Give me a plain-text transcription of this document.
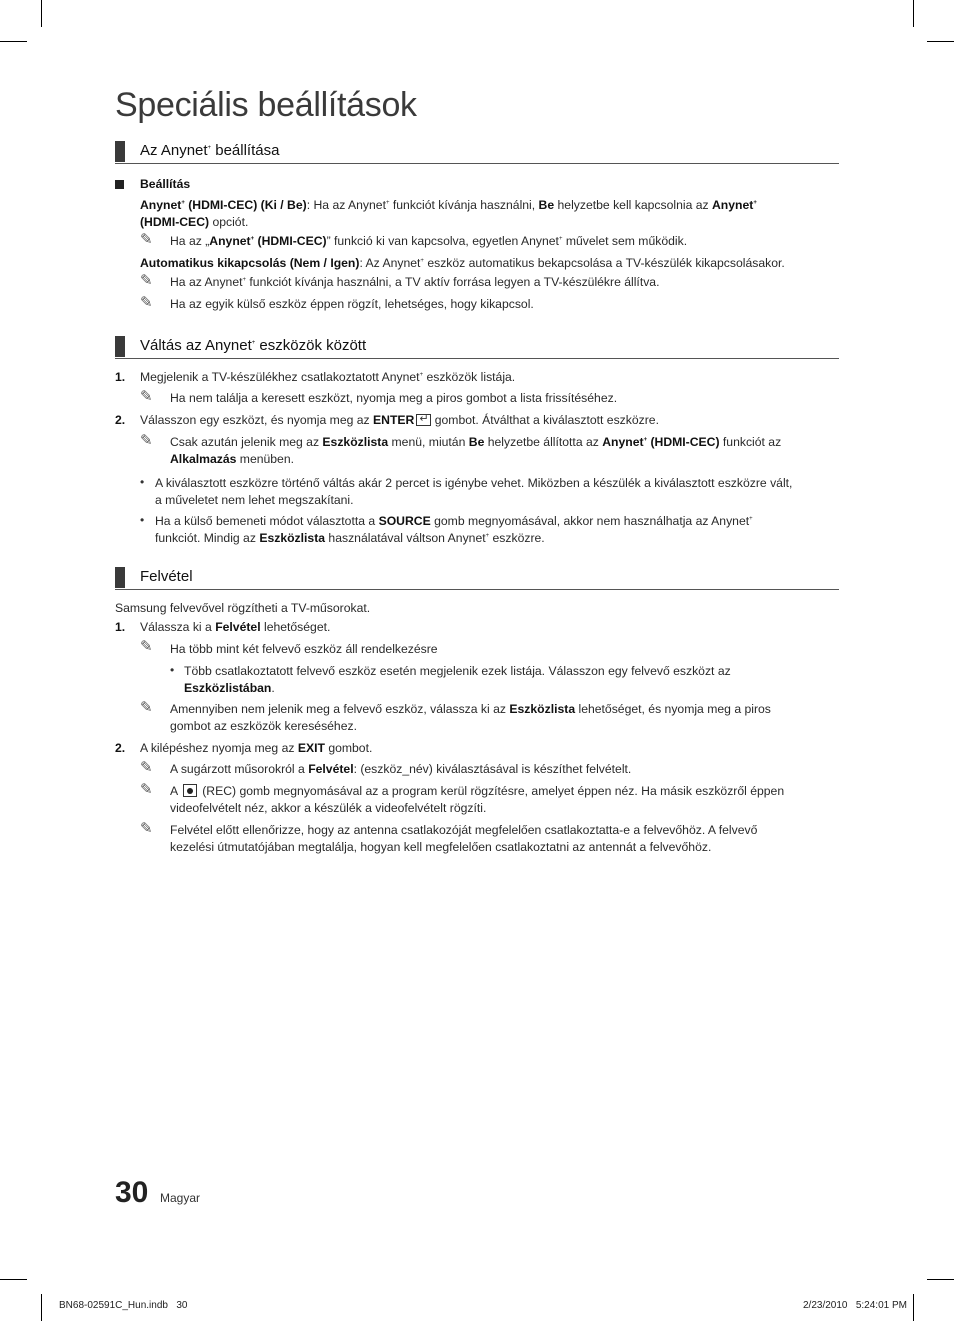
Speciális beállítások
Az Anynet+ beállítása
Beállítás
Anynet+ (HDMI-CEC) (Ki / Be): Ha az Anynet+ funkciót kívánja használni, Be helyzetbe kell kapcsolnia az Anynet+
(HDMI-CEC) opciót.
✎ Ha az „Anynet+ (HDMI-CEC)” funkció ki van kapcsolva, egyetlen Anynet+ művelet sem működik.
Automatikus kikapcsolás (Nem / Igen): Az Anynet+ eszköz automatikus bekapcsolása a TV-készülék kikapcsolásakor.
✎ Ha az Anynet+ funkciót kívánja használni, a TV aktív forrása legyen a TV-készülékre állítva.
✎ Ha az egyik külső eszköz éppen rögzít, lehetséges, hogy kikapcsol.
Váltás az Anynet+ eszközök között
1. Megjelenik a TV-készülékhez csatlakoztatott Anynet+ eszközök listája.
✎ Ha nem találja a keresett eszközt, nyomja meg a piros gombot a lista frissítéséhez.
2. Válasszon egy eszközt, és nyomja meg az ENTER↵ gombot. Átválthat a kiválasztott eszközre.
✎ Csak azután jelenik meg az Eszközlista menü, miután Be helyzetbe állította az Anynet+ (HDMI-CEC) funkciót az
Alkalmazás menüben.
• A kiválasztott eszközre történő váltás akár 2 percet is igénybe vehet. Miközben a készülék a kiválasztott eszközre vált,
a műveletet nem lehet megszakítani.
• Ha a külső bemeneti módot választotta a SOURCE gomb megnyomásával, akkor nem használhatja az Anynet+
funkciót. Mindig az Eszközlista használatával váltson Anynet+ eszközre.
Felvétel
Samsung felvevővel rögzítheti a TV-műsorokat.
1. Válassza ki a Felvétel lehetőséget.
✎ Ha több mint két felvevő eszköz áll rendelkezésre
• Több csatlakoztatott felvevő eszköz esetén megjelenik ezek listája. Válasszon egy felvevő eszközt az
Eszközlistában.
✎ Amennyiben nem jelenik meg a felvevő eszköz, válassza ki az Eszközlista lehetőséget, és nyomja meg a piros
gombot az eszközök kereséséhez.
2. A kilépéshez nyomja meg az EXIT gombot.
✎ A sugárzott műsorokról a Felvétel: (eszköz_név) kiválasztásával is készíthet felvételt.
✎ A  (REC) gomb megnyomásával az a program kerül rögzítésre, amelyet éppen néz. Ha másik eszközről éppen
videofelvételt néz, akkor a készülék a videofelvételt rögzíti.
✎ Felvétel előtt ellenőrizze, hogy az antenna csatlakozóját megfelelően csatlakoztatta-e a felvevőhöz. A felvevő
kezelési útmutatójában megtalálja, hogyan kell megfelelően csatlakoztatni az antennát a felvevőhöz.
30 Magyar
BN68-02591C_Hun.indb 30	2/23/2010 5:24:01 PM
